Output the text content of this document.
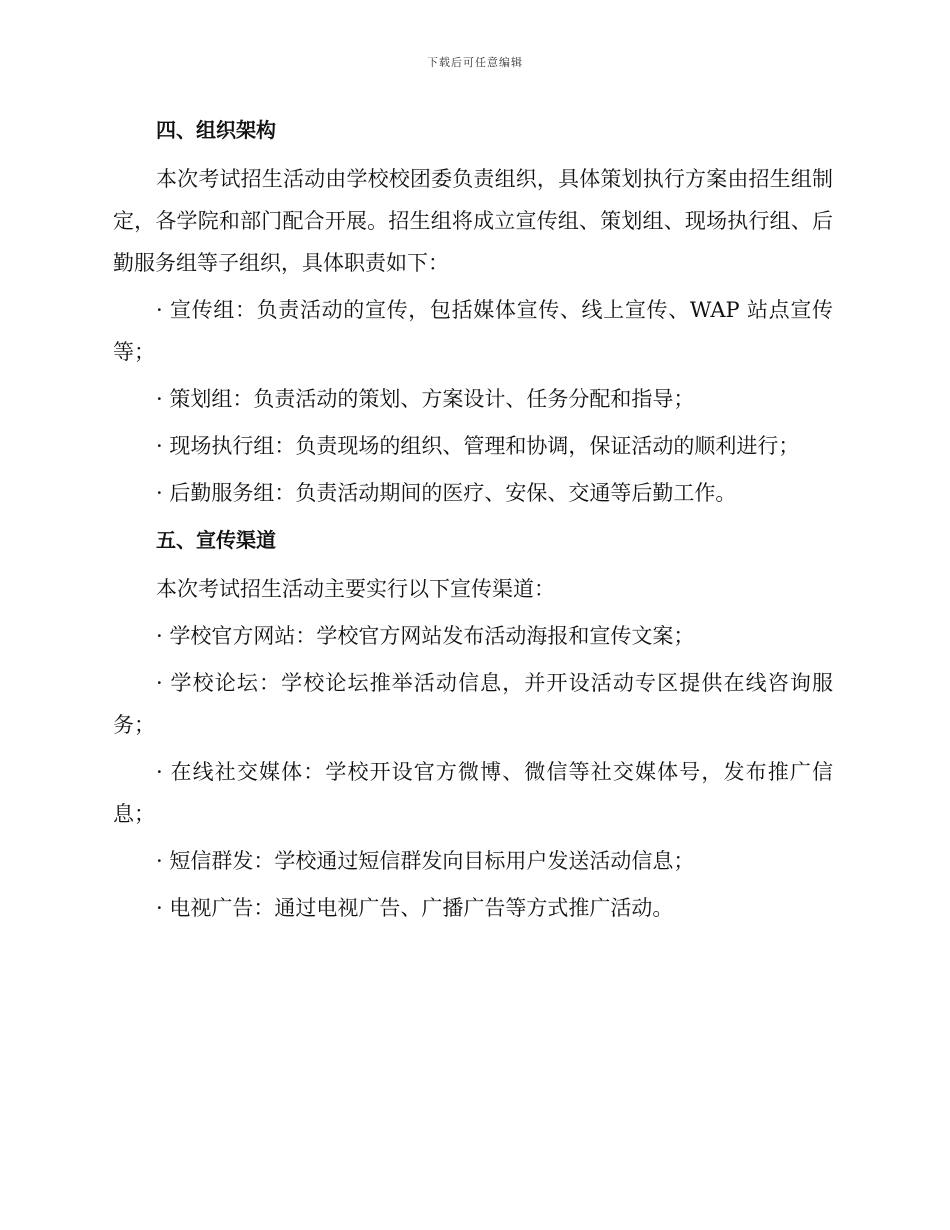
下载后可任意编辑
四、组织架构

本次考试招生活动由学校校团委负责组织，具体策划执行方案由招生组制定，各学院和部门配合开展。招生组将成立宣传组、策划组、现场执行组、后勤服务组等子组织，具体职责如下：

· 宣传组：负责活动的宣传，包括媒体宣传、线上宣传、WAP 站点宣传等；

· 策划组：负责活动的策划、方案设计、任务分配和指导；

· 现场执行组：负责现场的组织、管理和协调，保证活动的顺利进行；

· 后勤服务组：负责活动期间的医疗、安保、交通等后勤工作。

五、宣传渠道

本次考试招生活动主要实行以下宣传渠道：

· 学校官方网站：学校官方网站发布活动海报和宣传文案；

· 学校论坛：学校论坛推举活动信息，并开设活动专区提供在线咨询服务；

· 在线社交媒体：学校开设官方微博、微信等社交媒体号，发布推广信息；

· 短信群发：学校通过短信群发向目标用户发送活动信息；

· 电视广告：通过电视广告、广播广告等方式推广活动。
